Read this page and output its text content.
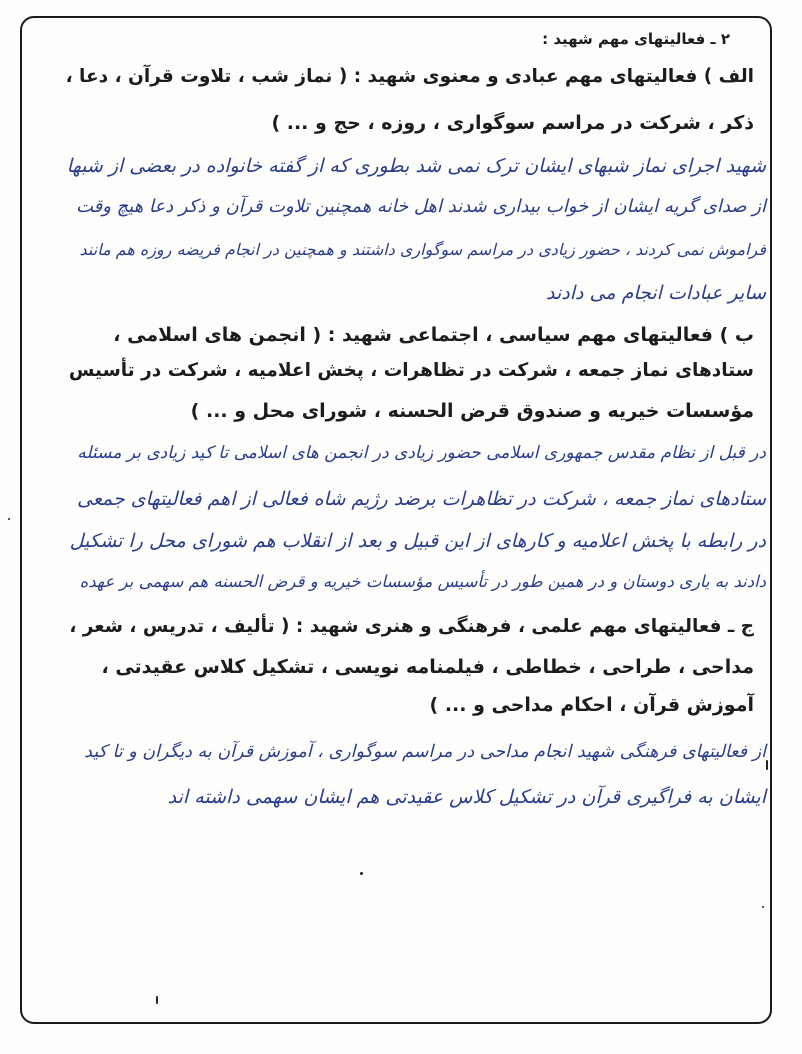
۲ ـ فعالیتهای مهم شهید :
الف ) فعالیتهای مهم عبادی و معنوی شهید : ( نماز شب ، تلاوت قرآن ، دعا ،
ذکر ، شرکت در مراسم سوگواری ، روزه ، حج و ... )
شهید اجرای نماز شبهای ایشان ترک نمی شد بطوری که از گفته خانواده در بعضی از شبها
از صدای گریه ایشان از خواب بیداری شدند اهل خانه همچنین تلاوت قرآن و ذکر دعا هیچ وقت
فراموش نمی کردند ، حضور زیادی در مراسم سوگواری داشتند و همچنین در انجام فریضه روزه هم مانند
سایر عبادات انجام می دادند
ب ) فعالیتهای مهم سیاسی ، اجتماعی شهید : ( انجمن های اسلامی ،
ستادهای نماز جمعه ، شرکت در تظاهرات ، پخش اعلامیه ، شرکت در تأسیس
مؤسسات خیریه و صندوق قرض الحسنه ، شورای محل و ... )
در قبل از نظام مقدس جمهوری اسلامی حضور زیادی در انجمن های اسلامی تا کید زیادی بر مسئله
ستادهای نماز جمعه ، شرکت در تظاهرات برضد رژیم شاه فعالی از اهم فعالیتهای جمعی
در رابطه با پخش اعلامیه و کارهای از این قبیل و بعد از انقلاب هم شورای محل را تشکیل
دادند به یاری دوستان و در همین طور در تأسیس مؤسسات خیریه و قرض الحسنه هم سهمی بر عهده
ج ـ فعالیتهای مهم علمی ، فرهنگی و هنری شهید : ( تألیف ، تدریس ، شعر ،
مداحی ، طراحی ، خطاطی ، فیلمنامه نویسی ، تشکیل کلاس عقیدتی ،
آموزش قرآن ، احکام مداحی و ... )
از فعالیتهای فرهنگی شهید انجام مداحی در مراسم سوگواری ، آموزش قرآن به دیگران و تا کید
ایشان به فراگیری قرآن در تشکیل کلاس عقیدتی هم ایشان سهمی داشته اند
